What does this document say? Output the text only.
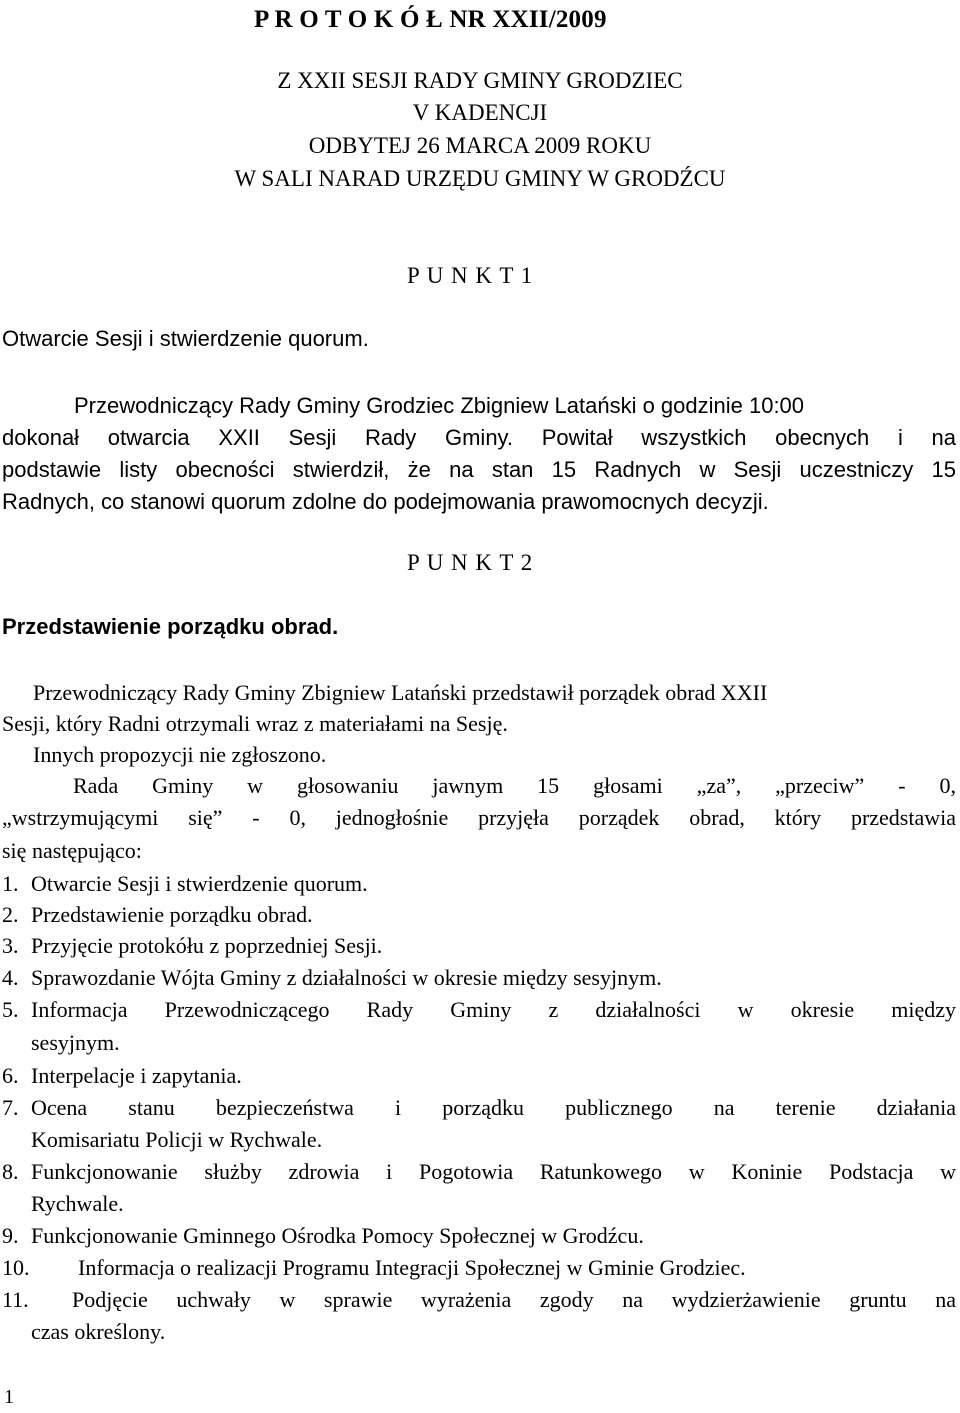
P R O T O K Ó Ł NR XXII/2009
Z XXII SESJI RADY GMINY GRODZIEC
V KADENCJI
ODBYTEJ 26 MARCA 2009 ROKU
W SALI NARAD URZĘDU GMINY W GRODŹCU
P U N K T 1
Otwarcie Sesji i stwierdzenie quorum.
Przewodniczący Rady Gminy Grodziec Zbigniew Latański o godzinie 10:00
dokonał otwarcia XXII Sesji Rady Gminy. Powitał wszystkich obecnych i na
podstawie listy obecności stwierdził, że na stan 15 Radnych w Sesji uczestniczy 15
Radnych, co stanowi quorum zdolne do podejmowania prawomocnych decyzji.
P U N K T 2
Przedstawienie porządku obrad.
Przewodniczący Rady Gminy Zbigniew Latański przedstawił porządek obrad XXII
Sesji, który Radni otrzymali wraz z materiałami na Sesję.
Innych propozycji nie zgłoszono.
Rada Gminy w głosowaniu jawnym 15 głosami „za”, „przeciw” - 0,
„wstrzymującymi się” - 0, jednogłośnie przyjęła porządek obrad, który przedstawia
się następująco:
1. Otwarcie Sesji i stwierdzenie quorum.
2. Przedstawienie porządku obrad.
3. Przyjęcie protokółu z poprzedniej Sesji.
4. Sprawozdanie Wójta Gminy z działalności w okresie między sesyjnym.
5. Informacja Przewodniczącego Rady Gminy z działalności w okresie między
sesyjnym.
6. Interpelacje i zapytania.
7. Ocena stanu bezpieczeństwa i porządku publicznego na terenie działania
Komisariatu Policji w Rychwale.
8. Funkcjonowanie służby zdrowia i Pogotowia Ratunkowego w Koninie Podstacja w
Rychwale.
9. Funkcjonowanie Gminnego Ośrodka Pomocy Społecznej w Grodźcu.
10. Informacja o realizacji Programu Integracji Społecznej w Gminie Grodziec.
11. Podjęcie uchwały w sprawie wyrażenia zgody na wydzierżawienie gruntu na
czas określony.
1
